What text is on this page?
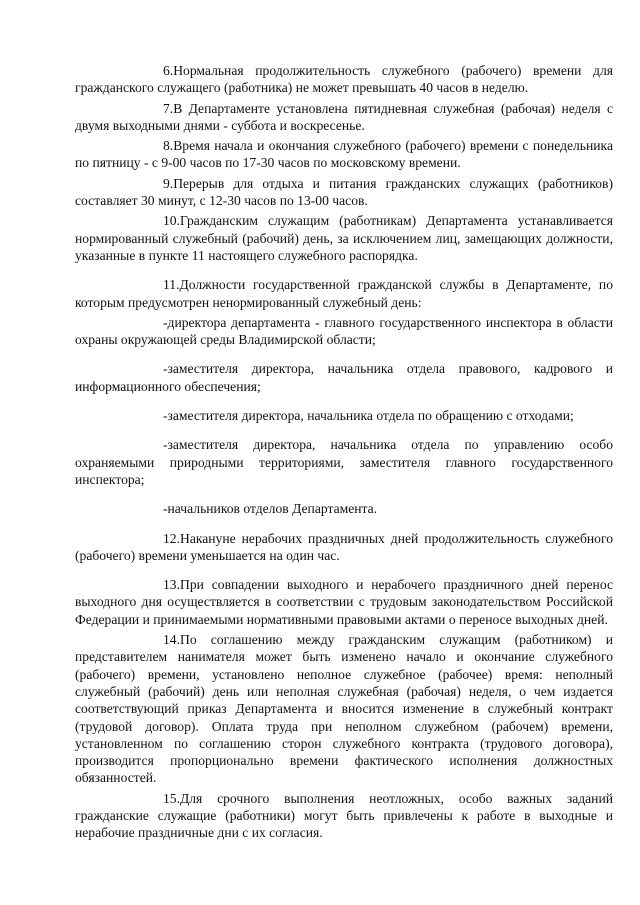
6.Нормальная продолжительность служебного (рабочего) времени для гражданского служащего (работника) не может превышать 40 часов в неделю.

7.В Департаменте установлена пятидневная служебная (рабочая) неделя с двумя выходными днями - суббота и воскресенье.

8.Время начала и окончания служебного (рабочего) времени с понедельника по пятницу - с 9-00 часов по 17-30 часов по московскому времени.

9.Перерыв для отдыха и питания гражданских служащих (работников) составляет 30 минут, с 12-30 часов по 13-00 часов.

10.Гражданским служащим (работникам) Департамента устанавливается нормированный служебный (рабочий) день, за исключением лиц, замещающих должности, указанные в пункте 11 настоящего служебного распорядка.

11.Должности государственной гражданской службы в Департаменте, по которым предусмотрен ненормированный служебный день:

-директора департамента - главного государственного инспектора в области охраны окружающей среды Владимирской области;

-заместителя директора, начальника отдела правового, кадрового и информационного обеспечения;

-заместителя директора, начальника отдела по обращению с отходами;

-заместителя директора, начальника отдела по управлению особо охраняемыми природными территориями, заместителя главного государственного инспектора;

-начальников отделов Департамента.

12.Накануне нерабочих праздничных дней продолжительность служебного (рабочего) времени уменьшается на один час.

13.При совпадении выходного и нерабочего праздничного дней перенос выходного дня осуществляется в соответствии с трудовым законодательством Российской Федерации и принимаемыми нормативными правовыми актами о переносе выходных дней.

14.По соглашению между гражданским служащим (работником) и представителем нанимателя может быть изменено начало и окончание служебного (рабочего) времени, установлено неполное служебное (рабочее) время: неполный служебный (рабочий) день или неполная служебная (рабочая) неделя, о чем издается соответствующий приказ Департамента и вносится изменение в служебный контракт (трудовой договор). Оплата труда при неполном служебном (рабочем) времени, установленном по соглашению сторон служебного контракта (трудового договора), производится пропорционально времени фактического исполнения должностных обязанностей.

15.Для срочного выполнения неотложных, особо важных заданий гражданские служащие (работники) могут быть привлечены к работе в выходные и нерабочие праздничные дни с их согласия.
